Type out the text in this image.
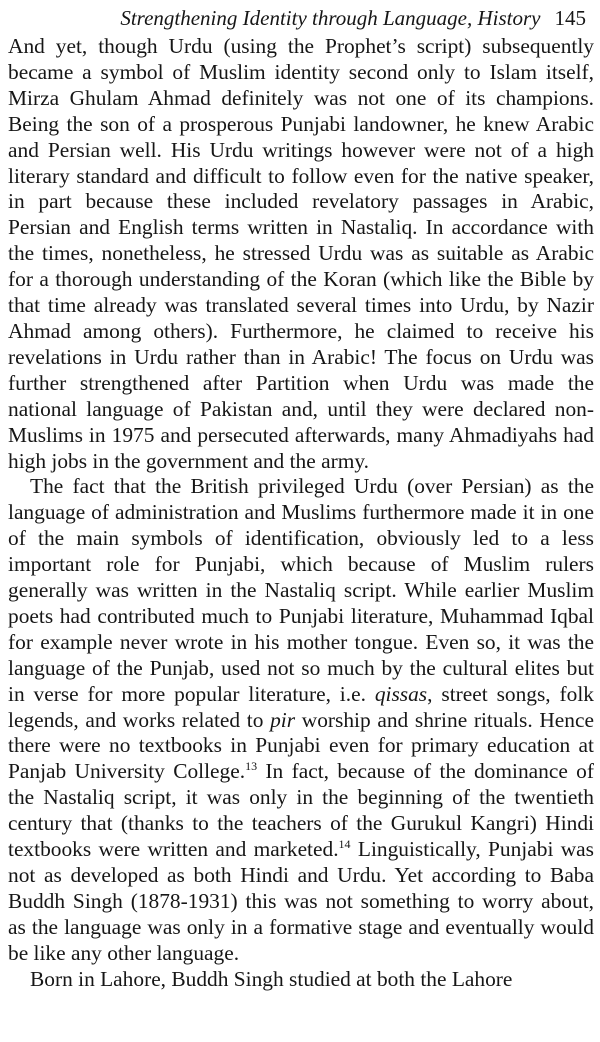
Strengthening Identity through Language, History 145

And yet, though Urdu (using the Prophet’s script) subsequently became a symbol of Muslim identity second only to Islam itself, Mirza Ghulam Ahmad definitely was not one of its champions. Being the son of a prosperous Punjabi landowner, he knew Arabic and Persian well. His Urdu writings however were not of a high literary standard and difficult to follow even for the native speaker, in part because these included revelatory passages in Arabic, Persian and English terms written in Nastaliq. In accordance with the times, nonetheless, he stressed Urdu was as suitable as Arabic for a thorough understanding of the Koran (which like the Bible by that time already was translated several times into Urdu, by Nazir Ahmad among others). Furthermore, he claimed to receive his revelations in Urdu rather than in Arabic! The focus on Urdu was further strengthened after Partition when Urdu was made the national language of Pakistan and, until they were declared non-Muslims in 1975 and persecuted afterwards, many Ahmadiyahs had high jobs in the government and the army.

The fact that the British privileged Urdu (over Persian) as the language of administration and Muslims furthermore made it in one of the main symbols of identification, obviously led to a less important role for Punjabi, which because of Muslim rulers generally was written in the Nastaliq script. While earlier Muslim poets had contributed much to Punjabi literature, Muhammad Iqbal for example never wrote in his mother tongue. Even so, it was the language of the Punjab, used not so much by the cultural elites but in verse for more popular literature, i.e. qissas, street songs, folk legends, and works related to pir worship and shrine rituals. Hence there were no textbooks in Punjabi even for primary education at Panjab University College.$^{13}$ In fact, because of the dominance of the Nastaliq script, it was only in the beginning of the twentieth century that (thanks to the teachers of the Gurukul Kangri) Hindi textbooks were written and marketed.$^{14}$ Linguistically, Punjabi was not as developed as both Hindi and Urdu. Yet according to Baba Buddh Singh (1878-1931) this was not something to worry about, as the language was only in a formative stage and eventually would be like any other language.

Born in Lahore, Buddh Singh studied at both the Lahore
